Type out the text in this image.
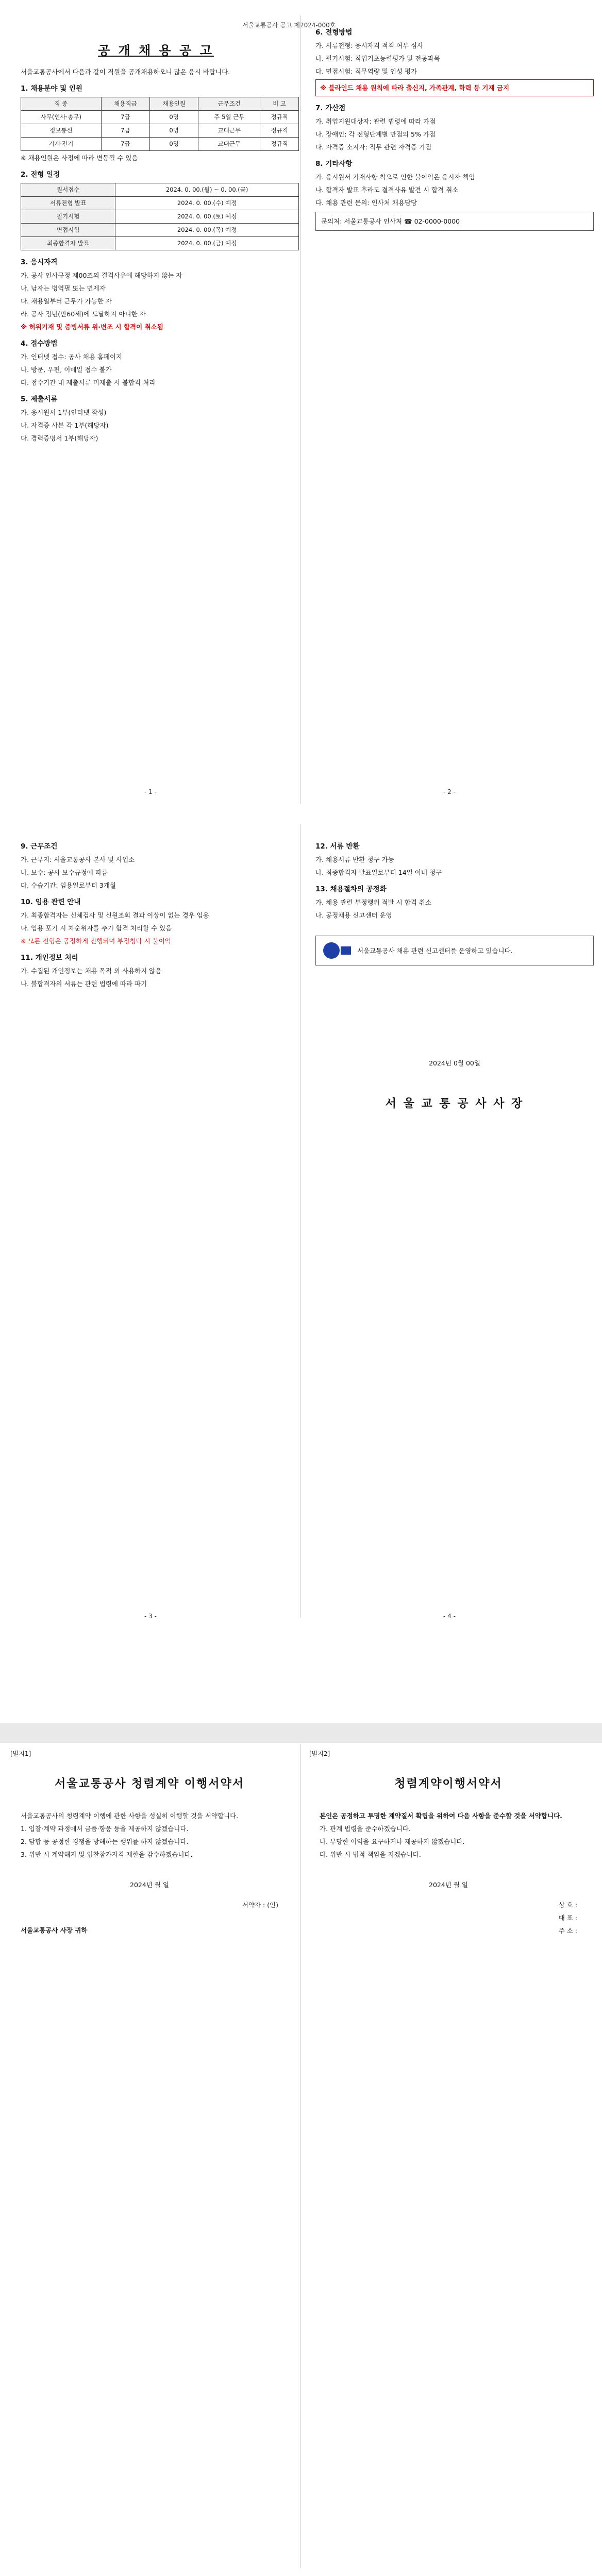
서울교통공사 공고 제2024-000호
공 개 채 용 공 고

서울교통공사에서 다음과 같이 직원을 공개채용하오니 많은 응시 바랍니다.

1. 채용분야 및 인원
직 종	채용직급	채용인원	근무조건	비 고
사무(인사·총무)	7급	0명	주 5일 근무	정규직
정보통신	7급	0명	교대근무	정규직
기계·전기	7급	0명	교대근무	정규직

※ 채용인원은 사정에 따라 변동될 수 있음

2. 전형 일정
원서접수	2024. 0. 00.(월) ~ 0. 00.(금)
서류전형 발표	2024. 0. 00.(수) 예정
필기시험	2024. 0. 00.(토) 예정
면접시험	2024. 0. 00.(목) 예정
최종합격자 발표	2024. 0. 00.(금) 예정
3. 응시자격

가. 공사 인사규정 제00조의 결격사유에 해당하지 않는 자

나. 남자는 병역필 또는 면제자

다. 채용일부터 근무가 가능한 자

라. 공사 정년(만60세)에 도달하지 아니한 자

※ 허위기재 및 증빙서류 위·변조 시 합격이 취소됨

4. 접수방법

가. 인터넷 접수: 공사 채용 홈페이지

나. 방문, 우편, 이메일 접수 불가

다. 접수기간 내 제출서류 미제출 시 불합격 처리

5. 제출서류

가. 응시원서 1부(인터넷 작성)

나. 자격증 사본 각 1부(해당자)

다. 경력증명서 1부(해당자)

- 1 -
6. 전형방법

가. 서류전형: 응시자격 적격 여부 심사

나. 필기시험: 직업기초능력평가 및 전공과목

다. 면접시험: 직무역량 및 인성 평가

※ 블라인드 채용 원칙에 따라 출신지, 가족관계, 학력 등 기재 금지
7. 가산점

가. 취업지원대상자: 관련 법령에 따라 가점

나. 장애인: 각 전형단계별 만점의 5% 가점

다. 자격증 소지자: 직무 관련 자격증 가점

8. 기타사항

가. 응시원서 기재사항 착오로 인한 불이익은 응시자 책임

나. 합격자 발표 후라도 결격사유 발견 시 합격 취소

다. 채용 관련 문의: 인사처 채용담당

문의처: 서울교통공사 인사처 ☎ 02-0000-0000
- 2 -
9. 근무조건

가. 근무지: 서울교통공사 본사 및 사업소

나. 보수: 공사 보수규정에 따름

다. 수습기간: 임용일로부터 3개월

10. 임용 관련 안내

가. 최종합격자는 신체검사 및 신원조회 결과 이상이 없는 경우 임용

나. 임용 포기 시 차순위자를 추가 합격 처리할 수 있음

※ 모든 전형은 공정하게 진행되며 부정청탁 시 불이익

11. 개인정보 처리

가. 수집된 개인정보는 채용 목적 외 사용하지 않음

나. 불합격자의 서류는 관련 법령에 따라 파기

- 3 -
12. 서류 반환

가. 채용서류 반환 청구 가능

나. 최종합격자 발표일로부터 14일 이내 청구

13. 채용절차의 공정화

가. 채용 관련 부정행위 적발 시 합격 취소

나. 공정채용 신고센터 운영

서울교통공사 채용 관련 신고센터를 운영하고 있습니다.
2024년 0월 00일
서 울 교 통 공 사 사 장
- 4 -
[별지1]
서울교통공사 청렴계약 이행서약서

서울교통공사의 청렴계약 이행에 관한 사항을 성실히 이행할 것을 서약합니다.

1. 입찰·계약 과정에서 금품·향응 등을 제공하지 않겠습니다.

2. 담합 등 공정한 경쟁을 방해하는 행위를 하지 않겠습니다.

3. 위반 시 계약해지 및 입찰참가자격 제한을 감수하겠습니다.

2024년 월 일

서약자 : (인)

서울교통공사 사장 귀하

[별지2]
청렴계약이행서약서

본인은 공정하고 투명한 계약질서 확립을 위하여 다음 사항을 준수할 것을 서약합니다.

가. 관계 법령을 준수하겠습니다.

나. 부당한 이익을 요구하거나 제공하지 않겠습니다.

다. 위반 시 법적 책임을 지겠습니다.

2024년 월 일

상 호 :

대 표 :

주 소 :
